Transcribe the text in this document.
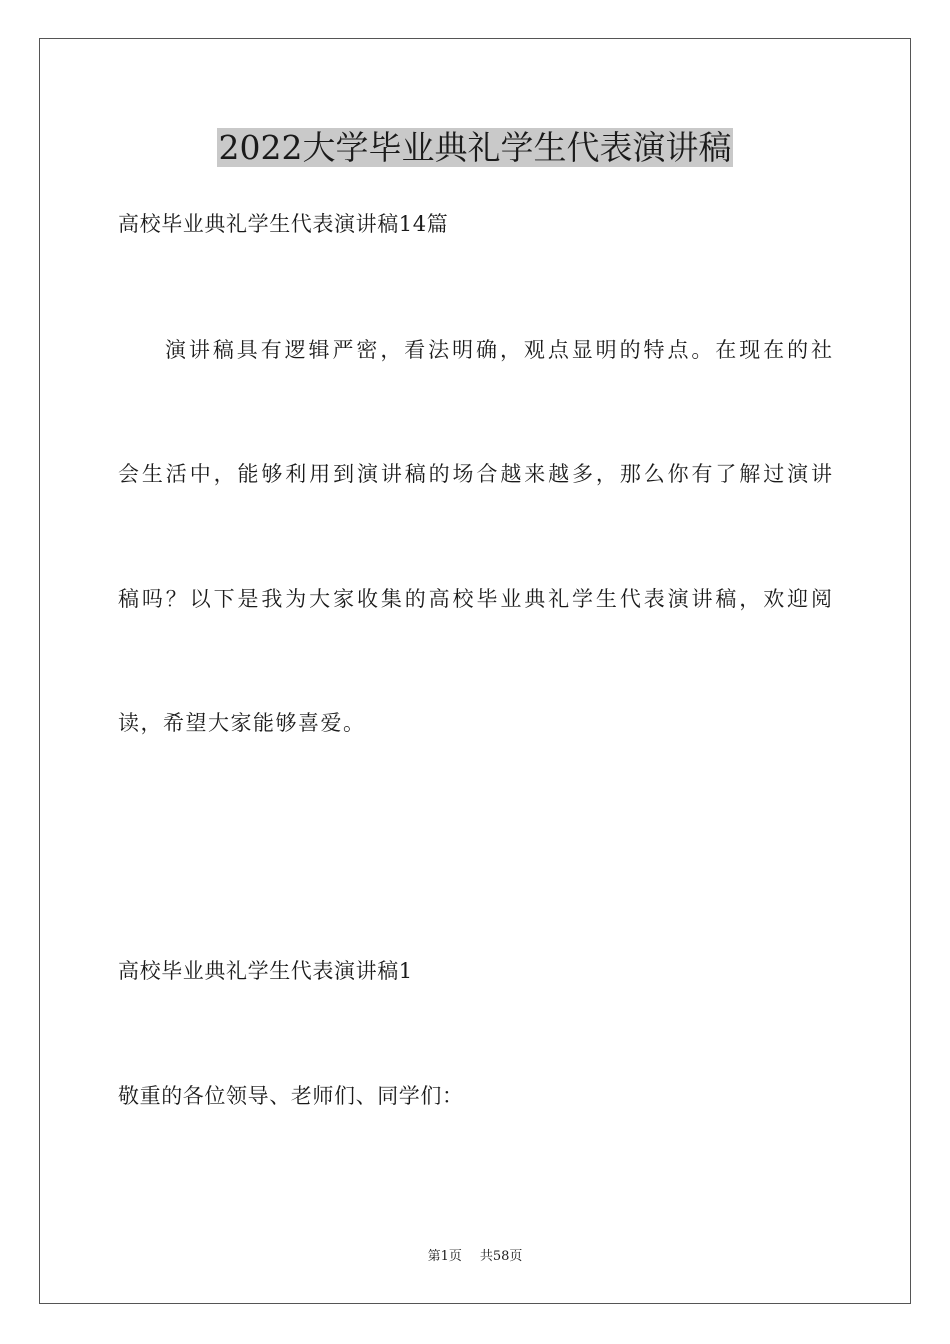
2022大学毕业典礼学生代表演讲稿
高校毕业典礼学生代表演讲稿14篇
演讲稿具有逻辑严密，看法明确，观点显明的特点。在现在的社
会生活中，能够利用到演讲稿的场合越来越多，那么你有了解过演讲
稿吗？以下是我为大家收集的高校毕业典礼学生代表演讲稿，欢迎阅
读，希望大家能够喜爱。
高校毕业典礼学生代表演讲稿1
敬重的各位领导、老师们、同学们：
第1页 共58页
